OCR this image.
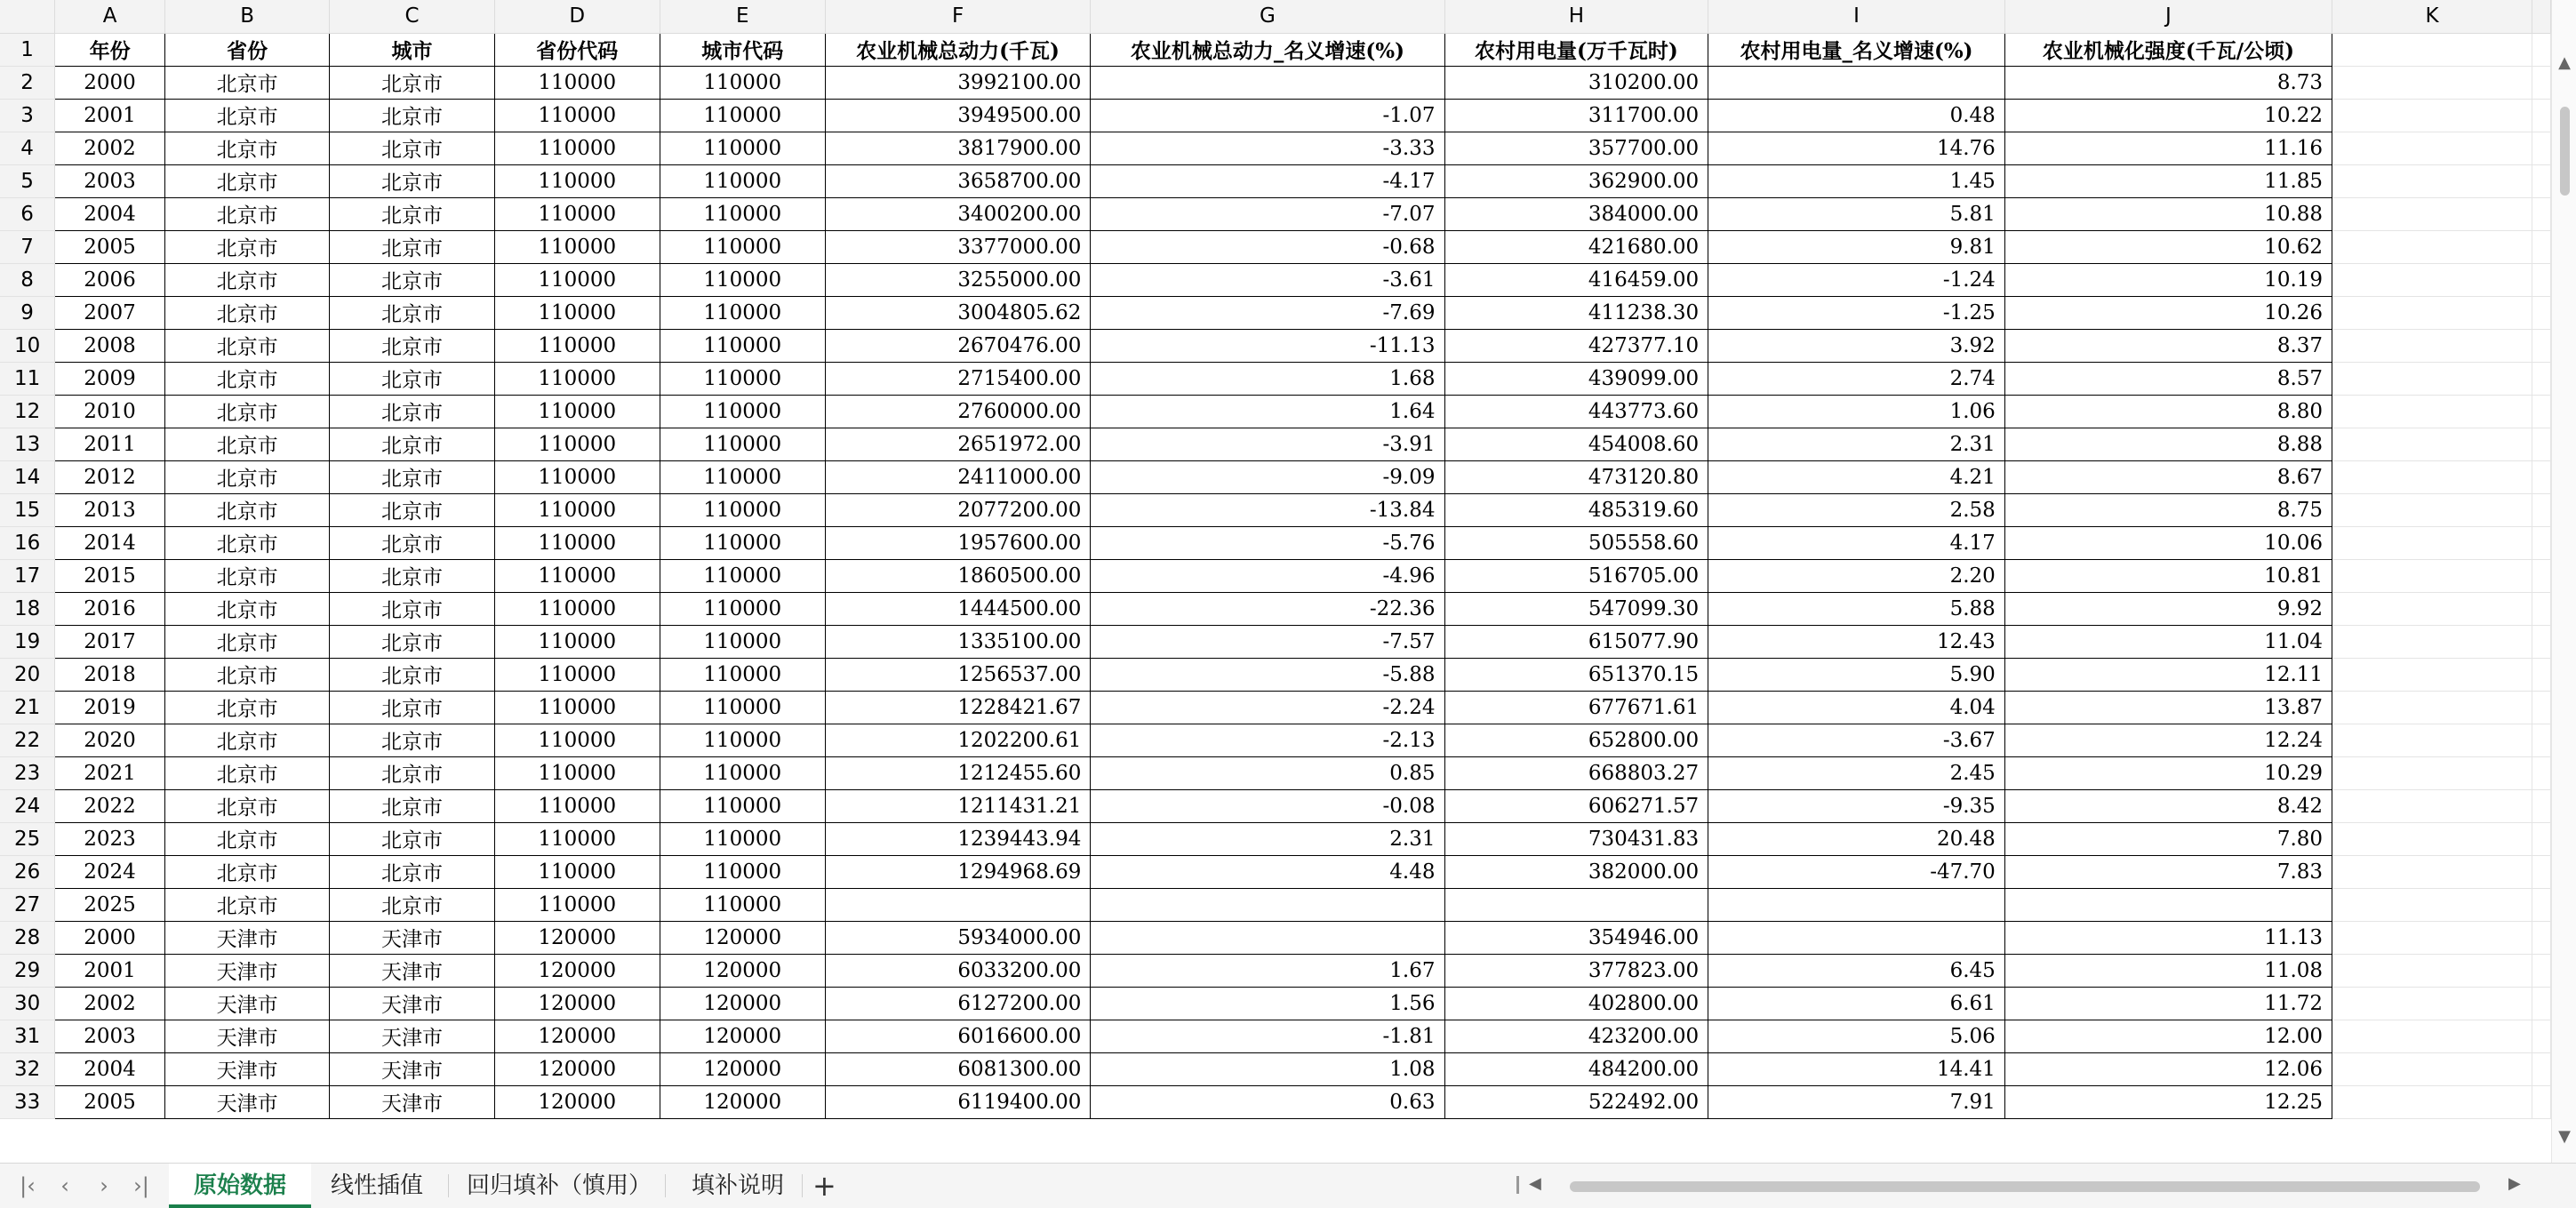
	A	B	C	D	E	F	G	H	I	J	K	
1	年份	省份	城市	省份代码	城市代码	农业机械总动力(千瓦)	农业机械总动力_名义增速(%)	农村用电量(万千瓦时)	农村用电量_名义增速(%)	农业机械化强度(千瓦/公顷)		
2	2000	北京市	北京市	110000	110000	3992100.00		310200.00		8.73		
3	2001	北京市	北京市	110000	110000	3949500.00	-1.07	311700.00	0.48	10.22		
4	2002	北京市	北京市	110000	110000	3817900.00	-3.33	357700.00	14.76	11.16		
5	2003	北京市	北京市	110000	110000	3658700.00	-4.17	362900.00	1.45	11.85		
6	2004	北京市	北京市	110000	110000	3400200.00	-7.07	384000.00	5.81	10.88		
7	2005	北京市	北京市	110000	110000	3377000.00	-0.68	421680.00	9.81	10.62		
8	2006	北京市	北京市	110000	110000	3255000.00	-3.61	416459.00	-1.24	10.19		
9	2007	北京市	北京市	110000	110000	3004805.62	-7.69	411238.30	-1.25	10.26		
10	2008	北京市	北京市	110000	110000	2670476.00	-11.13	427377.10	3.92	8.37		
11	2009	北京市	北京市	110000	110000	2715400.00	1.68	439099.00	2.74	8.57		
12	2010	北京市	北京市	110000	110000	2760000.00	1.64	443773.60	1.06	8.80		
13	2011	北京市	北京市	110000	110000	2651972.00	-3.91	454008.60	2.31	8.88		
14	2012	北京市	北京市	110000	110000	2411000.00	-9.09	473120.80	4.21	8.67		
15	2013	北京市	北京市	110000	110000	2077200.00	-13.84	485319.60	2.58	8.75		
16	2014	北京市	北京市	110000	110000	1957600.00	-5.76	505558.60	4.17	10.06		
17	2015	北京市	北京市	110000	110000	1860500.00	-4.96	516705.00	2.20	10.81		
18	2016	北京市	北京市	110000	110000	1444500.00	-22.36	547099.30	5.88	9.92		
19	2017	北京市	北京市	110000	110000	1335100.00	-7.57	615077.90	12.43	11.04		
20	2018	北京市	北京市	110000	110000	1256537.00	-5.88	651370.15	5.90	12.11		
21	2019	北京市	北京市	110000	110000	1228421.67	-2.24	677671.61	4.04	13.87		
22	2020	北京市	北京市	110000	110000	1202200.61	-2.13	652800.00	-3.67	12.24		
23	2021	北京市	北京市	110000	110000	1212455.60	0.85	668803.27	2.45	10.29		
24	2022	北京市	北京市	110000	110000	1211431.21	-0.08	606271.57	-9.35	8.42		
25	2023	北京市	北京市	110000	110000	1239443.94	2.31	730431.83	20.48	7.80		
26	2024	北京市	北京市	110000	110000	1294968.69	4.48	382000.00	-47.70	7.83		
27	2025	北京市	北京市	110000	110000							
28	2000	天津市	天津市	120000	120000	5934000.00		354946.00		11.13		
29	2001	天津市	天津市	120000	120000	6033200.00	1.67	377823.00	6.45	11.08		
30	2002	天津市	天津市	120000	120000	6127200.00	1.56	402800.00	6.61	11.72		
31	2003	天津市	天津市	120000	120000	6016600.00	-1.81	423200.00	5.06	12.00		
32	2004	天津市	天津市	120000	120000	6081300.00	1.08	484200.00	14.41	12.06		
33	2005	天津市	天津市	120000	120000	6119400.00	0.63	522492.00	7.91	12.25		
▲
▼
|‹	‹	›	›|	原始数据	线性插值	回归填补（慎用）	填补说明 +	◀	▶
